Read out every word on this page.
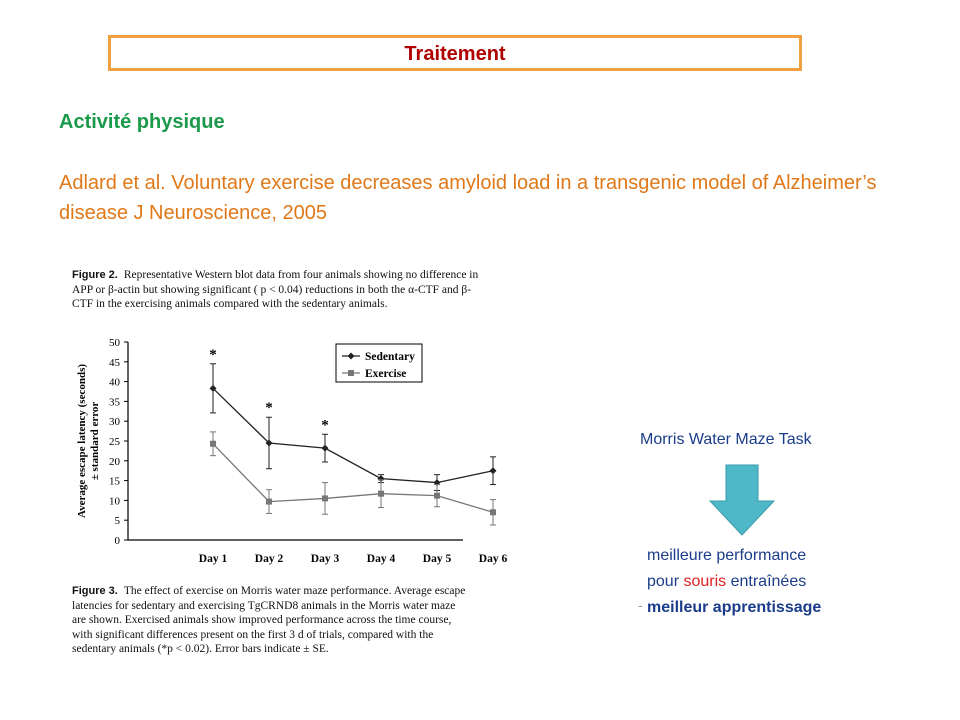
Traitement
Activité physique
Adlard et al. Voluntary exercise decreases amyloid load in a transgenic model of Alzheimer’s disease J Neuroscience, 2005
Figure 2. Representative Western blot data from four animals showing no difference in APP or β-actin but showing significant ( p < 0.04) reductions in both the α-CTF and β-CTF in the exercising animals compared with the sedentary animals.
0
5
10
15
20
25
30
35
40
45
50
Day 1 Day 2 Day 3 Day 4 Day 5 Day 6
Average escape latency (seconds) ± standard error
*
*
*
Sedentary
Exercise
Figure 3. The effect of exercise on Morris water maze performance. Average escape latencies for sedentary and exercising TgCRND8 animals in the Morris water maze are shown. Exercised animals show improved performance across the time course, with significant differences present on the first 3 d of trials, compared with the sedentary animals (*p < 0.02). Error bars indicate ± SE.
Morris Water Maze Task
meilleure performance
pour souris entraînées
- meilleur apprentissage
